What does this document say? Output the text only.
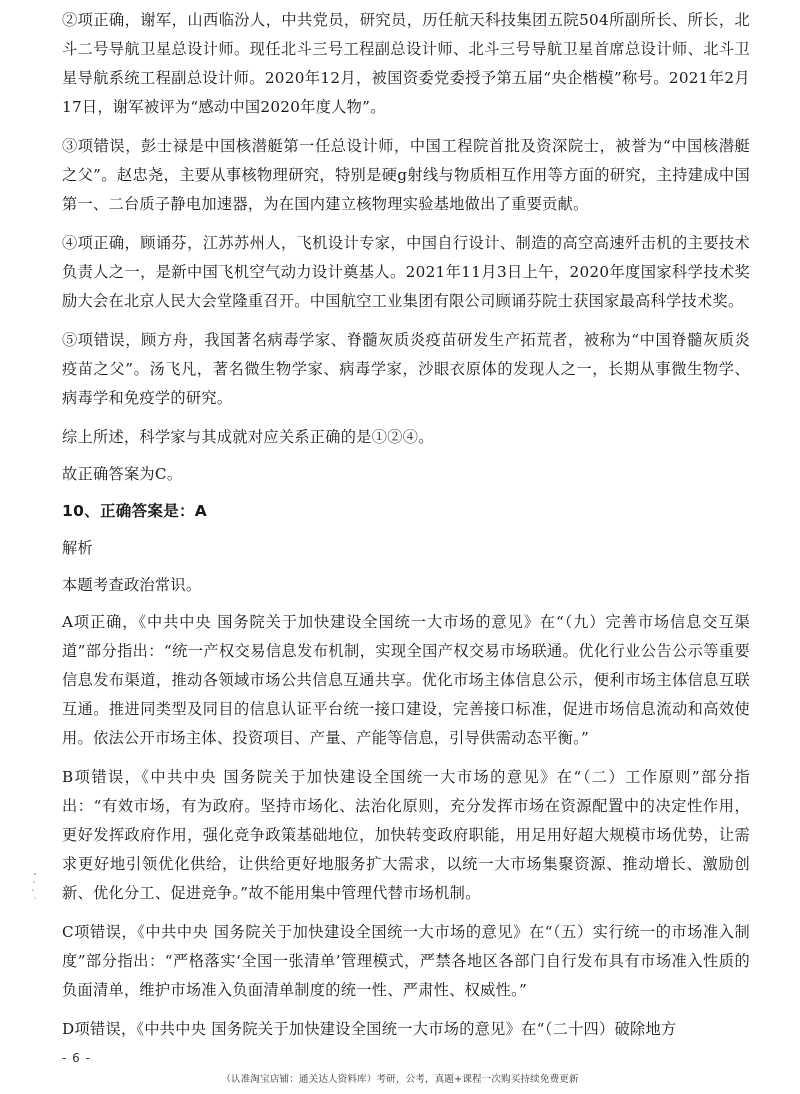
②项正确，谢军，山西临汾人，中共党员，研究员，历任航天科技集团五院504所副所长、所长，北斗二号导航卫星总设计师。现任北斗三号工程副总设计师、北斗三号导航卫星首席总设计师、北斗卫星导航系统工程副总设计师。2020年12月，被国资委党委授予第五届“央企楷模”称号。2021年2月17日，谢军被评为“感动中国2020年度人物”。

③项错误，彭士禄是中国核潜艇第一任总设计师，中国工程院首批及资深院士，被誉为“中国核潜艇之父”。赵忠尧，主要从事核物理研究，特别是硬g射线与物质相互作用等方面的研究，主持建成中国第一、二台质子静电加速器，为在国内建立核物理实验基地做出了重要贡献。

④项正确，顾诵芬，江苏苏州人，飞机设计专家，中国自行设计、制造的高空高速歼击机的主要技术负责人之一，是新中国飞机空气动力设计奠基人。2021年11月3日上午，2020年度国家科学技术奖励大会在北京人民大会堂隆重召开。中国航空工业集团有限公司顾诵芬院士获国家最高科学技术奖。

⑤项错误，顾方舟，我国著名病毒学家、脊髓灰质炎疫苗研发生产拓荒者，被称为“中国脊髓灰质炎疫苗之父”。汤飞凡，著名微生物学家、病毒学家，沙眼衣原体的发现人之一，长期从事微生物学、病毒学和免疫学的研究。

综上所述，科学家与其成就对应关系正确的是①②④。

故正确答案为C。

10、正确答案是：A

解析

本题考查政治常识。

A项正确，《中共中央 国务院关于加快建设全国统一大市场的意见》在“（九）完善市场信息交互渠道”部分指出：“统一产权交易信息发布机制，实现全国产权交易市场联通。优化行业公告公示等重要信息发布渠道，推动各领域市场公共信息互通共享。优化市场主体信息公示，便利市场主体信息互联互通。推进同类型及同目的信息认证平台统一接口建设，完善接口标准，促进市场信息流动和高效使用。依法公开市场主体、投资项目、产量、产能等信息，引导供需动态平衡。”

B项错误，《中共中央 国务院关于加快建设全国统一大市场的意见》在“（二）工作原则”部分指出：“有效市场，有为政府。坚持市场化、法治化原则，充分发挥市场在资源配置中的决定性作用，更好发挥政府作用，强化竞争政策基础地位，加快转变政府职能，用足用好超大规模市场优势，让需求更好地引领优化供给，让供给更好地服务扩大需求，以统一大市场集聚资源、推动增长、激励创新、优化分工、促进竞争。”故不能用集中管理代替市场机制。

C项错误，《中共中央 国务院关于加快建设全国统一大市场的意见》在“（五）实行统一的市场准入制度”部分指出：“严格落实‘全国一张清单’管理模式，严禁各地区各部门自行发布具有市场准入性质的负面清单，维护市场准入负面清单制度的统一性、严肃性、权威性。”

D项错误，《中共中央 国务院关于加快建设全国统一大市场的意见》在“（二十四）破除地方

- 6 -
（认准淘宝店铺：通关达人资料库）考研，公考，真题+课程一次购买持续免费更新
